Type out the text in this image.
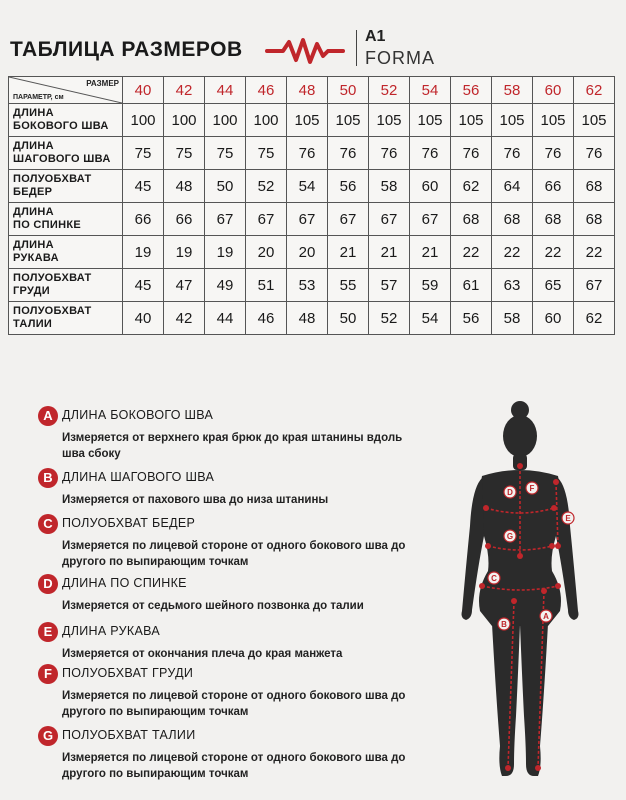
ТАБЛИЦА РАЗМЕРОВ
A1
FORMA
РАЗМЕР
ПАРАМЕТР, см	40	42	44	46	48	50	52	54	56	58	60	62

ДЛИНА
БОКОВОГО ШВА	100	100	100	100	105	105	105	105	105	105	105	105

ДЛИНА
ШАГОВОГО ШВА	75	75	75	75	76	76	76	76	76	76	76	76

ПОЛУОБХВАТ
БЕДЕР	45	48	50	52	54	56	58	60	62	64	66	68

ДЛИНА
ПО СПИНКЕ	66	66	67	67	67	67	67	67	68	68	68	68

ДЛИНА
РУКАВА	19	19	19	20	20	21	21	21	22	22	22	22

ПОЛУОБХВАТ
ГРУДИ	45	47	49	51	53	55	57	59	61	63	65	67

ПОЛУОБХВАТ
ТАЛИИ	40	42	44	46	48	50	52	54	56	58	60	62
A ДЛИНА БОКОВОГО ШВА
Измеряется от верхнего края брюк до края штанины вдоль шва сбоку
B ДЛИНА ШАГОВОГО ШВА
Измеряется от пахового шва до низа штанины
C ПОЛУОБХВАТ БЕДЕР
Измеряется по лицевой стороне от одного бокового шва до другого по выпирающим точкам
D ДЛИНА ПО СПИНКЕ
Измеряется от седьмого шейного позвонка до талии
E ДЛИНА РУКАВА
Измеряется от окончания плеча до края манжета
F ПОЛУОБХВАТ ГРУДИ
Измеряется по лицевой стороне от одного бокового шва до другого по выпирающим точкам
G ПОЛУОБХВАТ ТАЛИИ
Измеряется по лицевой стороне от одного бокового шва до другого по выпирающим точкам
A
B
C
D
E
F
G
